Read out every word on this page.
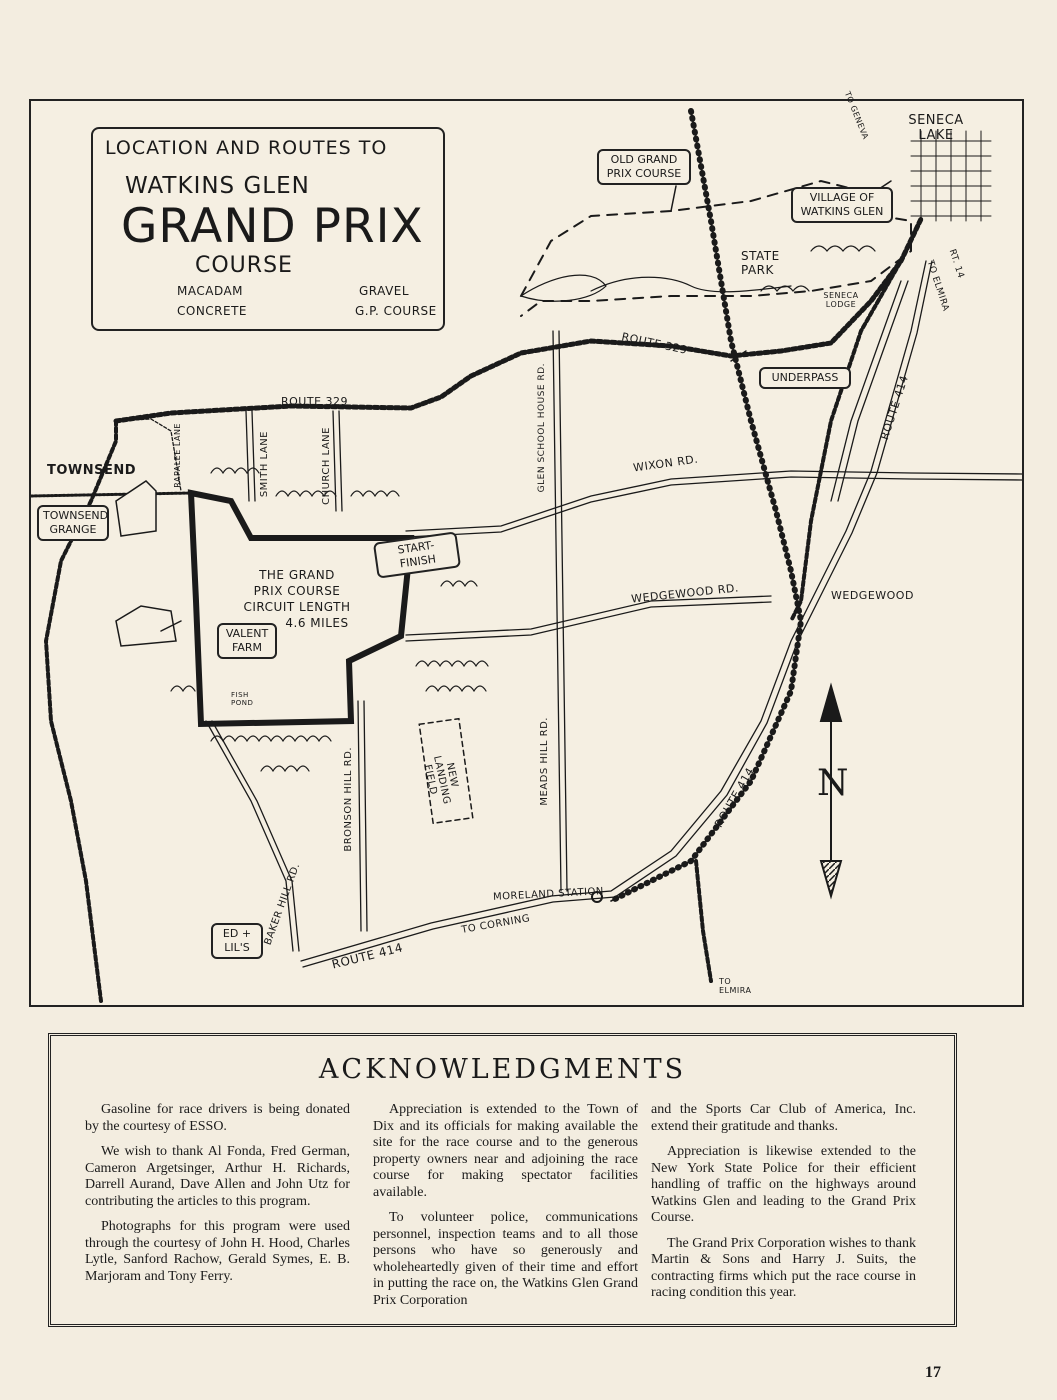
LOCATION AND ROUTES TO
WATKINS GLEN
GRAND PRIX
COURSE
MACADAM	GRAVEL
CONCRETE	G.P. COURSE
OLD GRAND PRIX COURSE
VILLAGE OF WATKINS GLEN
UNDERPASS
TOWNSEND GRANGE
START-FINISH
VALENT FARM
ED + LIL'S
SENECA LAKE
STATE PARK
SENECA LODGE
TOWNSEND
FISH POND
WEDGEWOOD
MORELAND STATION
NEW LANDING FIELD
TO GENEVA
TO ELMIRA
RT. 14
TO ELMIRA
TO CORNING
N
ROUTE 329
ROUTE 329
ROUTE 414
ROUTE 414
ROUTE 414
RAPALEE LANE	SMITH LANE	CHURCH LANE	GLEN SCHOOL HOUSE RD.	WIXON RD.
WEDGEWOOD RD.
MEADS HILL RD.
BRONSON HILL RD.
BAKER HILL RD.
THE GRAND
PRIX COURSE
CIRCUIT LENGTH
4.6 MILES
ACKNOWLEDGMENTS

Gasoline for race drivers is being donated by the courtesy of ESSO.

We wish to thank Al Fonda, Fred German, Cameron Argetsinger, Arthur H. Richards, Darrell Aurand, Dave Allen and John Utz for contributing the articles to this program.

Photographs for this program were used through the courtesy of John H. Hood, Charles Lytle, Sanford Rachow, Gerald Symes, E. B. Marjoram and Tony Ferry.

Appreciation is extended to the Town of Dix and its officials for making available the site for the race course and to the generous property owners near and adjoining the race course for making spectator facilities available.

To volunteer police, communications personnel, inspection teams and to all those persons who have so generously and wholeheartedly given of their time and effort in putting the race on, the Watkins Glen Grand Prix Corporation

and the Sports Car Club of America, Inc. extend their gratitude and thanks.

Appreciation is likewise extended to the New York State Police for their efficient handling of traffic on the highways around Watkins Glen and leading to the Grand Prix Course.

The Grand Prix Corporation wishes to thank Martin & Sons and Harry J. Suits, the contracting firms which put the race course in racing condition this year.

17
